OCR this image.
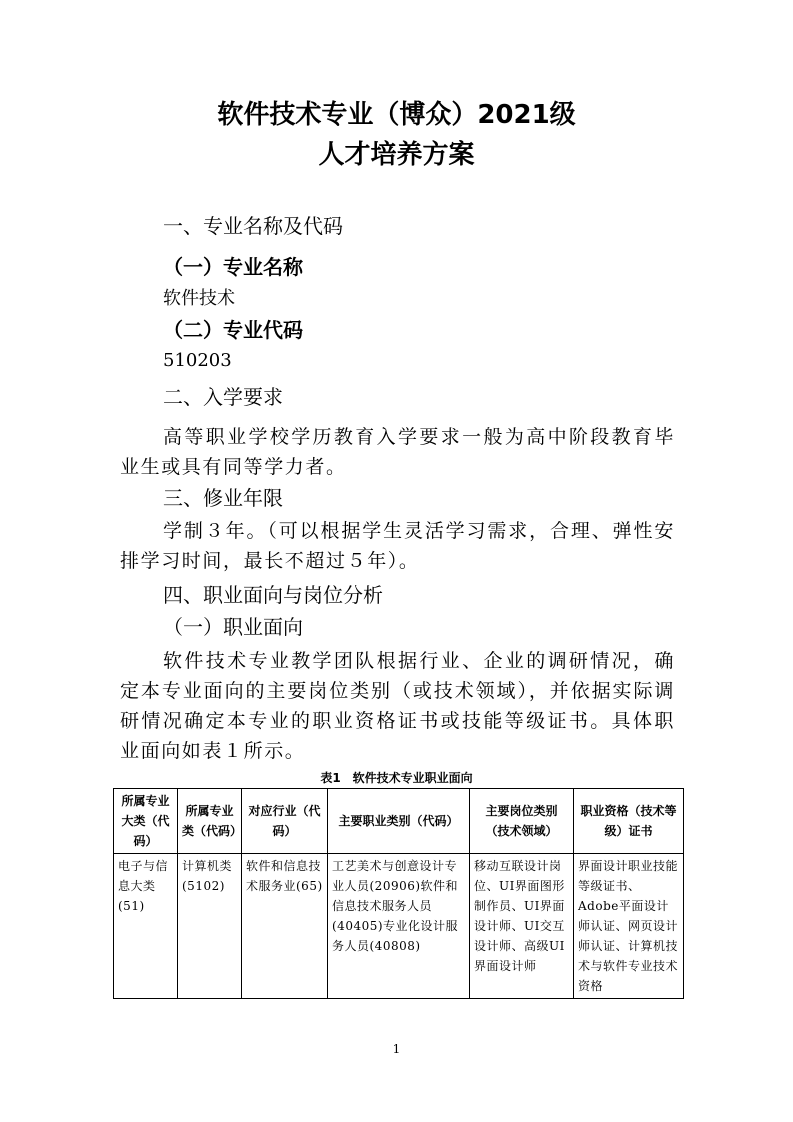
软件技术专业（博众）2021级
人才培养方案
一、专业名称及代码
（一）专业名称
软件技术
（二）专业代码
510203
二、入学要求

高等职业学校学历教育入学要求一般为高中阶段教育毕业生或具有同等学力者。

三、修业年限

学制３年。（可以根据学生灵活学习需求，合理、弹性安排学习时间，最长不超过５年）。

四、职业面向与岗位分析
（一）职业面向

软件技术专业教学团队根据行业、企业的调研情况，确定本专业面向的主要岗位类别（或技术领域），并依据实际调研情况确定本专业的职业资格证书或技能等级证书。具体职业面向如表１所示。

表1　软件技术专业职业面向
所属专业大类（代码）	所属专业类（代码）	对应行业（代码）	主要职业类别（代码）	主要岗位类别（技术领域）	职业资格（技术等级）证书
电子与信息大类(51)	计算机类(5102)	软件和信息技术服务业(65)	工艺美术与创意设计专业人员(20906)软件和信息技术服务人员(40405)专业化设计服务人员(40808)	移动互联设计岗位、UI界面图形制作员、UI界面设计师、UI交互设计师、高级UI界面设计师	界面设计职业技能等级证书、Adobe平面设计师认证、网页设计师认证、计算机技术与软件专业技术资格
1
